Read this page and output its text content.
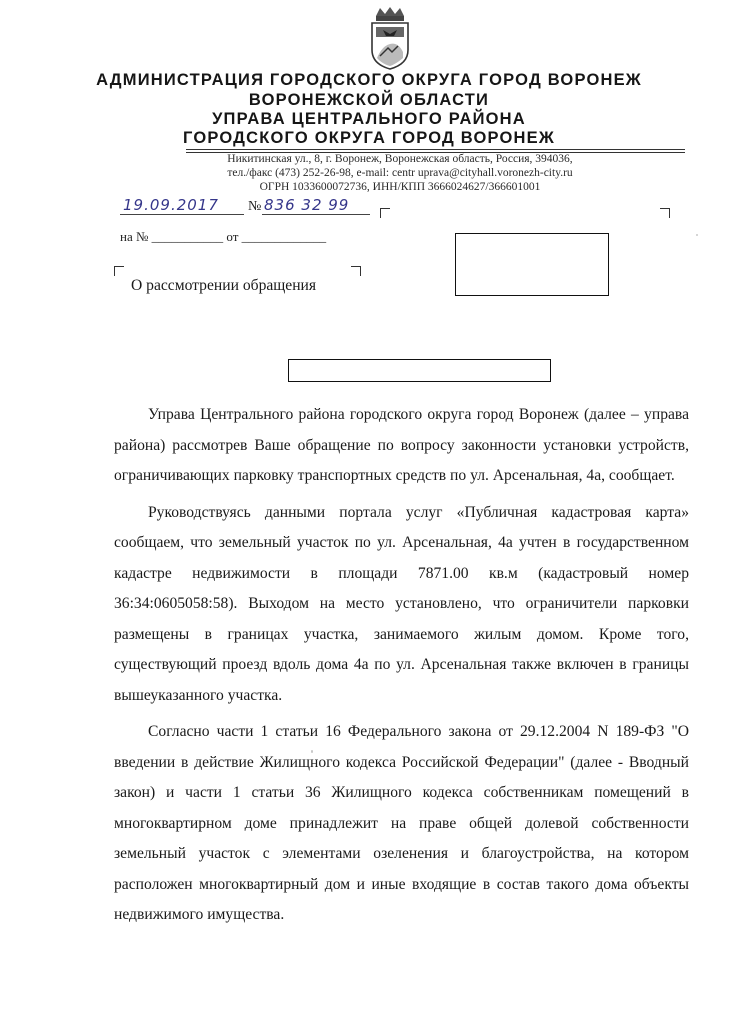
АДМИНИСТРАЦИЯ ГОРОДСКОГО ОКРУГА ГОРОД ВОРОНЕЖ
ВОРОНЕЖСКОЙ ОБЛАСТИ
УПРАВА ЦЕНТРАЛЬНОГО РАЙОНА
ГОРОДСКОГО ОКРУГА ГОРОД ВОРОНЕЖ
Никитинская ул., 8, г. Воронеж, Воронежская область, Россия, 394036,
тел./факс (473) 252-26-98, e-mail: centr uprava@cityhall.voronezh-city.ru
ОГРН 1033600072736, ИНН/КПП 3666024627/366601001
19.09.2017 № 836 32 99
на № ___________ от _____________
О рассмотрении обращения

Управа Центрального района городского округа город Воронеж (далее – управа района) рассмотрев Ваше обращение по вопросу законности установки устройств, ограничивающих парковку транспортных средств по ул. Арсенальная, 4а, сообщает.

Руководствуясь данными портала услуг «Публичная кадастровая карта» сообщаем, что земельный участок по ул. Арсенальная, 4а учтен в государственном кадастре недвижимости в площади 7871.00 кв.м (кадастровый номер 36:34:0605058:58). Выходом на место установлено, что ограничители парковки размещены в границах участка, занимаемого жилым домом. Кроме того, существующий проезд вдоль дома 4а по ул. Арсенальная также включен в границы вышеуказанного участка.

Согласно части 1 статьи 16 Федерального закона от 29.12.2004 N 189-ФЗ "О введении в действие Жилищного кодекса Российской Федерации" (далее - Вводный закон) и части 1 статьи 36 Жилищного кодекса собственникам помещений в многоквартирном доме принадлежит на праве общей долевой собственности земельный участок с элементами озеленения и благоустройства, на котором расположен многоквартирный дом и иные входящие в состав такого дома объекты недвижимого имущества.
